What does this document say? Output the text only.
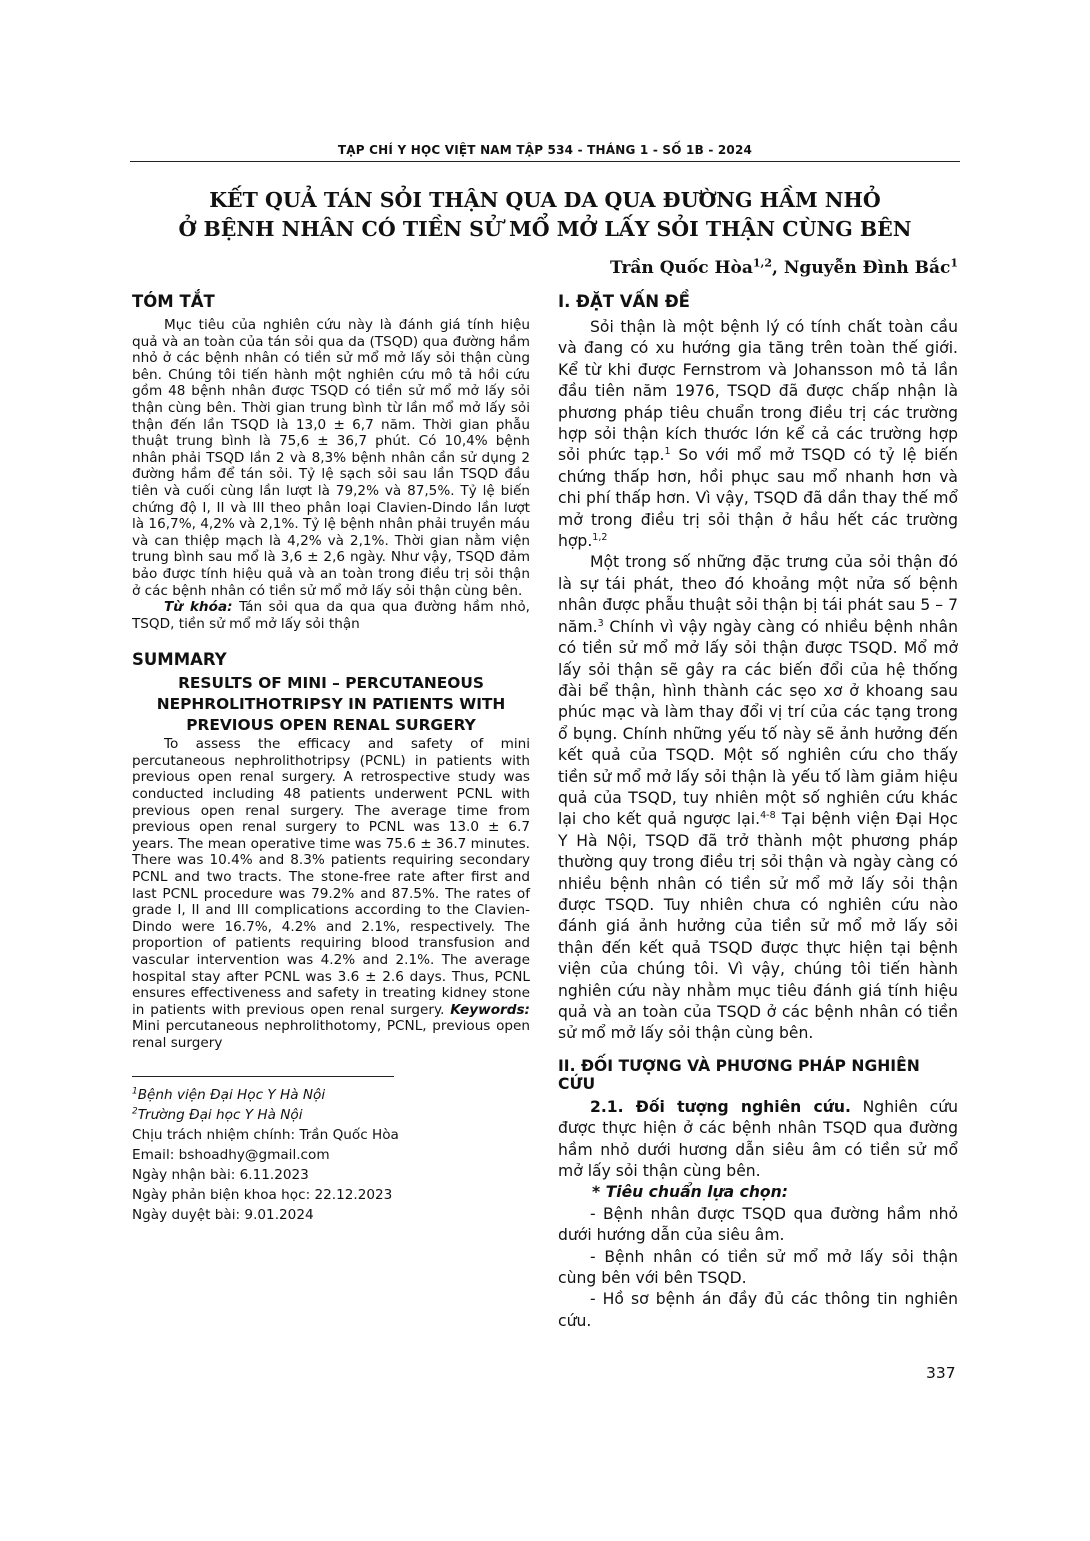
TẠP CHÍ Y HỌC VIỆT NAM TẬP 534 - THÁNG 1 - SỐ 1B - 2024
KẾT QUẢ TÁN SỎI THẬN QUA DA QUA ĐƯỜNG HẦM NHỎ
Ở BỆNH NHÂN CÓ TIỀN SỬ MỔ MỞ LẤY SỎI THẬN CÙNG BÊN
Trần Quốc Hòa$^{1,2}$, Nguyễn Đình Bắc$^1$
TÓM TẮT

Mục tiêu của nghiên cứu này là đánh giá tính hiệu quả và an toàn của tán sỏi qua da (TSQD) qua đường hầm nhỏ ở các bệnh nhân có tiền sử mổ mở lấy sỏi thận cùng bên. Chúng tôi tiến hành một nghiên cứu mô tả hồi cứu gồm 48 bệnh nhân được TSQD có tiền sử mổ mở lấy sỏi thận cùng bên. Thời gian trung bình từ lần mổ mở lấy sỏi thận đến lần TSQD là 13,0 ± 6,7 năm. Thời gian phẫu thuật trung bình là 75,6 ± 36,7 phút. Có 10,4% bệnh nhân phải TSQD lần 2 và 8,3% bệnh nhân cần sử dụng 2 đường hầm để tán sỏi. Tỷ lệ sạch sỏi sau lần TSQD đầu tiên và cuối cùng lần lượt là 79,2% và 87,5%. Tỷ lệ biến chứng độ I, II và III theo phân loại Clavien-Dindo lần lượt là 16,7%, 4,2% và 2,1%. Tỷ lệ bệnh nhân phải truyền máu và can thiệp mạch là 4,2% và 2,1%. Thời gian nằm viện trung bình sau mổ là 3,6 ± 2,6 ngày. Như vậy, TSQD đảm bảo được tính hiệu quả và an toàn trong điều trị sỏi thận ở các bệnh nhân có tiền sử mổ mở lấy sỏi thận cùng bên.

Từ khóa: Tán sỏi qua da qua qua đường hầm nhỏ, TSQD, tiền sử mổ mở lấy sỏi thận

SUMMARY
RESULTS OF MINI – PERCUTANEOUS
NEPHROLITHOTRIPSY IN PATIENTS WITH
PREVIOUS OPEN RENAL SURGERY

To assess the efficacy and safety of mini percutaneous nephrolithotripsy (PCNL) in patients with previous open renal surgery. A retrospective study was conducted including 48 patients underwent PCNL with previous open renal surgery. The average time from previous open renal surgery to PCNL was 13.0 ± 6.7 years. The mean operative time was 75.6 ± 36.7 minutes. There was 10.4% and 8.3% patients requiring secondary PCNL and two tracts. The stone-free rate after first and last PCNL procedure was 79.2% and 87.5%. The rates of grade I, II and III complications according to the Clavien-Dindo were 16.7%, 4.2% and 2.1%, respectively. The proportion of patients requiring blood transfusion and vascular intervention was 4.2% and 2.1%. The average hospital stay after PCNL was 3.6 ± 2.6 days. Thus, PCNL ensures effectiveness and safety in treating kidney stone in patients with previous open renal surgery. Keywords: Mini percutaneous nephrolithotomy, PCNL, previous open renal surgery

$^1$Bệnh viện Đại Học Y Hà Nội

$^2$Trường Đại học Y Hà Nội

Chịu trách nhiệm chính: Trần Quốc Hòa

Email: bshoadhy@gmail.com

Ngày nhận bài: 6.11.2023

Ngày phản biện khoa học: 22.12.2023

Ngày duyệt bài: 9.01.2024

I. ĐẶT VẤN ĐỀ

Sỏi thận là một bệnh lý có tính chất toàn cầu và đang có xu hướng gia tăng trên toàn thế giới. Kể từ khi được Fernstrom và Johansson mô tả lần đầu tiên năm 1976, TSQD đã được chấp nhận là phương pháp tiêu chuẩn trong điều trị các trường hợp sỏi thận kích thước lớn kể cả các trường hợp sỏi phức tạp.$^1$ So với mổ mở TSQD có tỷ lệ biến chứng thấp hơn, hồi phục sau mổ nhanh hơn và chi phí thấp hơn. Vì vậy, TSQD đã dần thay thế mổ mở trong điều trị sỏi thận ở hầu hết các trường hợp.$^{1,2}$

Một trong số những đặc trưng của sỏi thận đó là sự tái phát, theo đó khoảng một nửa số bệnh nhân được phẫu thuật sỏi thận bị tái phát sau 5 – 7 năm.$^3$ Chính vì vậy ngày càng có nhiều bệnh nhân có tiền sử mổ mở lấy sỏi thận được TSQD. Mổ mở lấy sỏi thận sẽ gây ra các biến đổi của hệ thống đài bể thận, hình thành các sẹo xơ ở khoang sau phúc mạc và làm thay đổi vị trí của các tạng trong ổ bụng. Chính những yếu tố này sẽ ảnh hưởng đến kết quả của TSQD. Một số nghiên cứu cho thấy tiền sử mổ mở lấy sỏi thận là yếu tố làm giảm hiệu quả của TSQD, tuy nhiên một số nghiên cứu khác lại cho kết quả ngược lại.$^{4-8}$ Tại bệnh viện Đại Học Y Hà Nội, TSQD đã trở thành một phương pháp thường quy trong điều trị sỏi thận và ngày càng có nhiều bệnh nhân có tiền sử mổ mở lấy sỏi thận được TSQD. Tuy nhiên chưa có nghiên cứu nào đánh giá ảnh hưởng của tiền sử mổ mở lấy sỏi thận đến kết quả TSQD được thực hiện tại bệnh viện của chúng tôi. Vì vậy, chúng tôi tiến hành nghiên cứu này nhằm mục tiêu đánh giá tính hiệu quả và an toàn của TSQD ở các bệnh nhân có tiền sử mổ mở lấy sỏi thận cùng bên.

II. ĐỐI TƯỢNG VÀ PHƯƠNG PHÁP NGHIÊN CỨU

2.1. Đối tượng nghiên cứu. Nghiên cứu được thực hiện ở các bệnh nhân TSQD qua đường hầm nhỏ dưới hương dẫn siêu âm có tiền sử mổ mở lấy sỏi thận cùng bên.

* Tiêu chuẩn lựa chọn:

- Bệnh nhân được TSQD qua đường hầm nhỏ dưới hướng dẫn của siêu âm.

- Bệnh nhân có tiền sử mổ mở lấy sỏi thận cùng bên với bên TSQD.

- Hồ sơ bệnh án đầy đủ các thông tin nghiên cứu.

337
